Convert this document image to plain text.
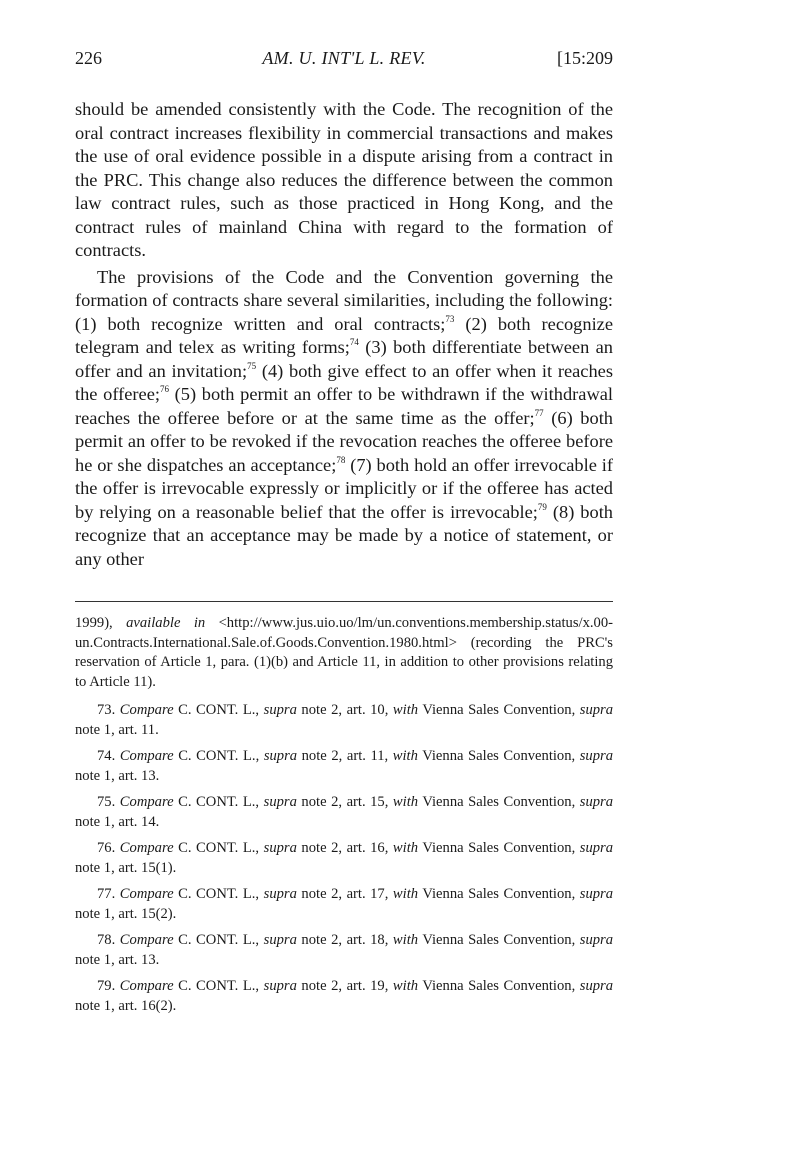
226	AM. U. INT'L L. REV.	[15:209

should be amended consistently with the Code. The recognition of the oral contract increases flexibility in commercial transactions and makes the use of oral evidence possible in a dispute arising from a contract in the PRC. This change also reduces the difference between the common law contract rules, such as those practiced in Hong Kong, and the contract rules of mainland China with regard to the formation of contracts.

The provisions of the Code and the Convention governing the formation of contracts share several similarities, including the following: (1) both recognize written and oral contracts;$^{73}$ (2) both recognize telegram and telex as writing forms;$^{74}$ (3) both differentiate between an offer and an invitation;$^{75}$ (4) both give effect to an offer when it reaches the offeree;$^{76}$ (5) both permit an offer to be withdrawn if the withdrawal reaches the offeree before or at the same time as the offer;$^{77}$ (6) both permit an offer to be revoked if the revocation reaches the offeree before he or she dispatches an acceptance;$^{78}$ (7) both hold an offer irrevocable if the offer is irrevocable expressly or implicitly or if the offeree has acted by relying on a reasonable belief that the offer is irrevocable;$^{79}$ (8) both recognize that an acceptance may be made by a notice of statement, or any other

1999), available in <http://www.jus.uio.uo/lm/un.conventions.membership.status/x.00-un.Contracts.International.Sale.of.Goods.Convention.1980.html> (recording the PRC's reservation of Article 1, para. (1)(b) and Article 11, in addition to other provisions relating to Article 11).

73. Compare C. CONT. L., supra note 2, art. 10, with Vienna Sales Convention, supra note 1, art. 11.

74. Compare C. CONT. L., supra note 2, art. 11, with Vienna Sales Convention, supra note 1, art. 13.

75. Compare C. CONT. L., supra note 2, art. 15, with Vienna Sales Convention, supra note 1, art. 14.

76. Compare C. CONT. L., supra note 2, art. 16, with Vienna Sales Convention, supra note 1, art. 15(1).

77. Compare C. CONT. L., supra note 2, art. 17, with Vienna Sales Convention, supra note 1, art. 15(2).

78. Compare C. CONT. L., supra note 2, art. 18, with Vienna Sales Convention, supra note 1, art. 13.

79. Compare C. CONT. L., supra note 2, art. 19, with Vienna Sales Convention, supra note 1, art. 16(2).
